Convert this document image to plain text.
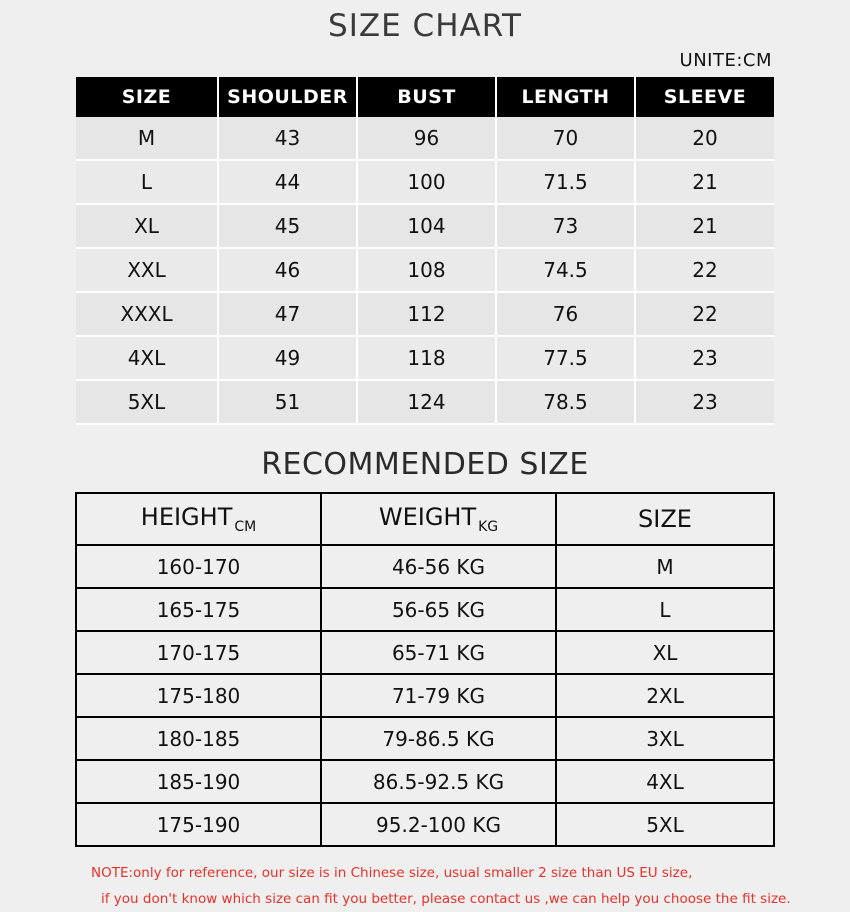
SIZE CHART
UNITE:CM
SIZE	SHOULDER	BUST	LENGTH	SLEEVE
M	43	96	70	20
L	44	100	71.5	21
XL	45	104	73	21
XXL	46	108	74.5	22
XXXL	47	112	76	22
4XL	49	118	77.5	23
5XL	51	124	78.5	23
RECOMMENDED SIZE
HEIGHT $_{CM}$	WEIGHT $_{KG}$	SIZE
160-170	46-56 KG	M
165-175	56-65 KG	L
170-175	65-71 KG	XL
175-180	71-79 KG	2XL
180-185	79-86.5 KG	3XL
185-190	86.5-92.5 KG	4XL
175-190	95.2-100 KG	5XL
NOTE:only for reference, our size is in Chinese size, usual smaller 2 size than US EU size,
if you don't know which size can fit you better, please contact us ,we can help you choose the fit size.
